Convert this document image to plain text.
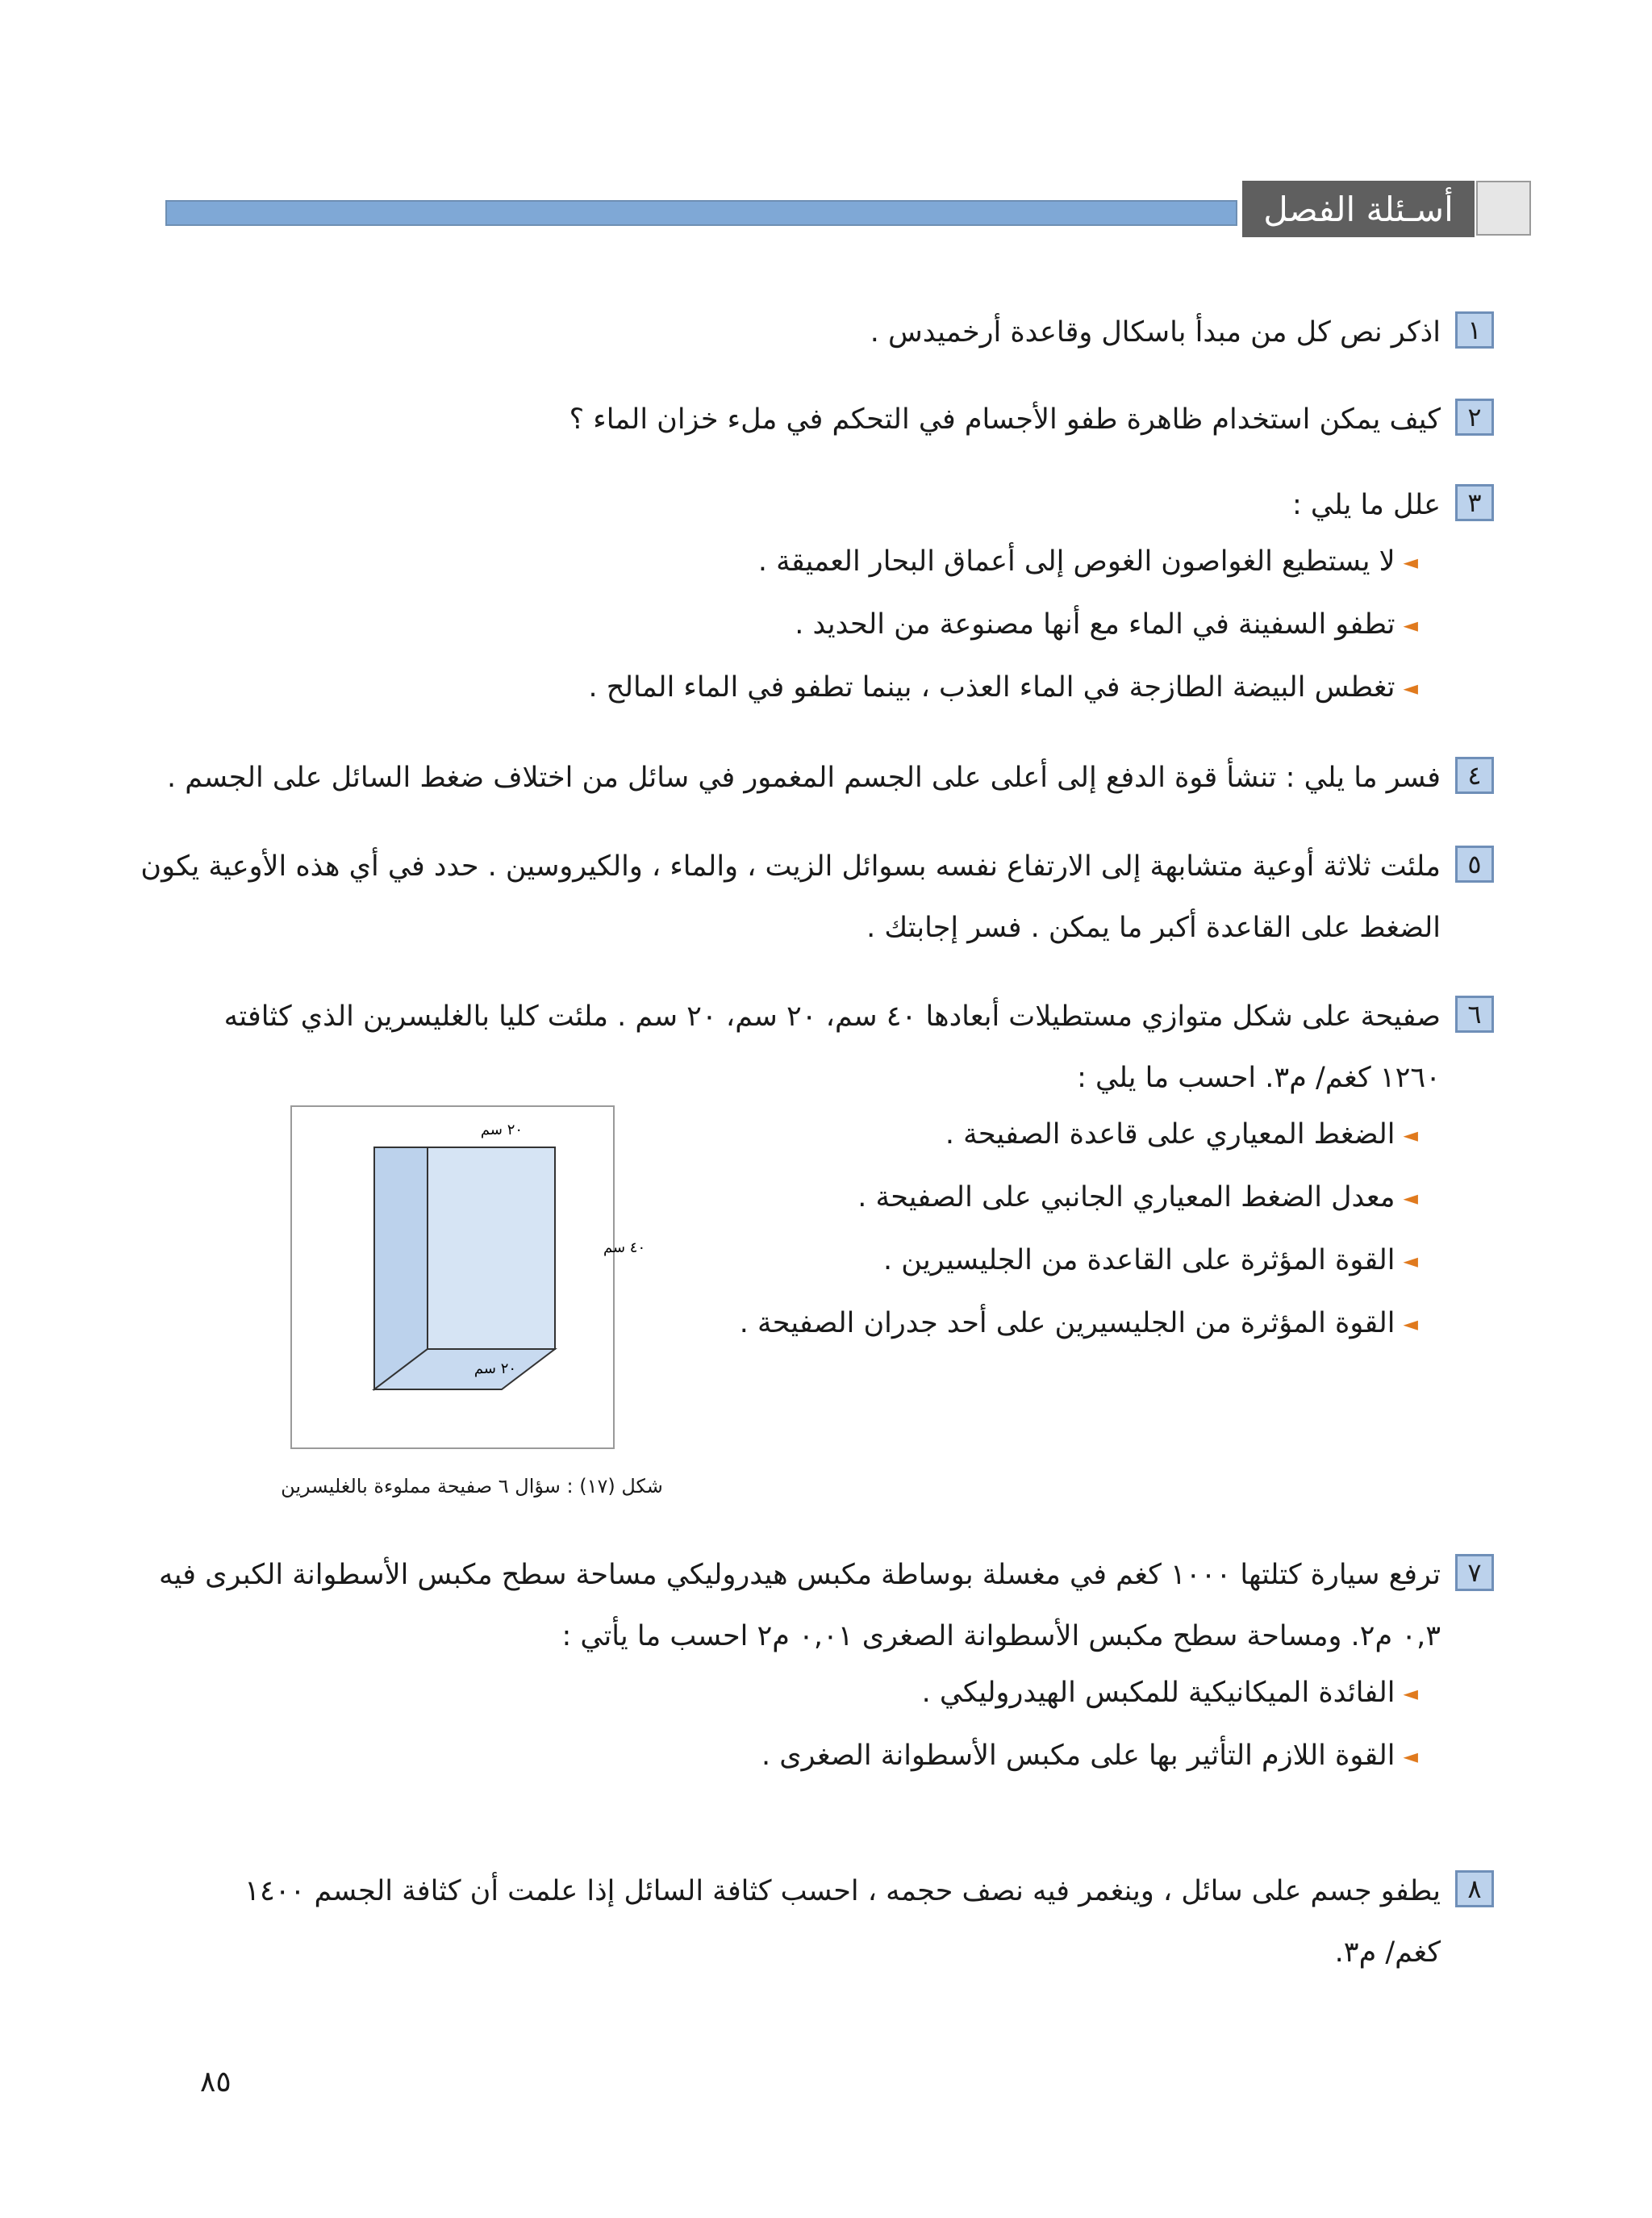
أسـئلة الفصل
١
اذكر نص كل من مبدأ باسكال وقاعدة أرخميدس .
٢
كيف يمكن استخدام ظاهرة طفو الأجسام في التحكم في ملء خزان الماء ؟
٣
علل ما يلي :
◄ لا يستطيع الغواصون الغوص إلى أعماق البحار العميقة .
◄ تطفو السفينة في الماء مع أنها مصنوعة من الحديد .
◄ تغطس البيضة الطازجة في الماء العذب ، بينما تطفو في الماء المالح .
٤
فسر ما يلي : تنشأ قوة الدفع إلى أعلى على الجسم المغمور في سائل من اختلاف ضغط السائل على الجسم .
٥
ملئت ثلاثة أوعية متشابهة إلى الارتفاع نفسه بسوائل الزيت ، والماء ، والكيروسين . حدد في أي هذه الأوعية يكون
الضغط على القاعدة أكبر ما يمكن . فسر إجابتك .
٦
صفيحة على شكل متوازي مستطيلات أبعادها ٤٠ سم، ٢٠ سم، ٢٠ سم . ملئت كليا بالغليسرين الذي كثافته
١٢٦٠ كغم/ م٣. احسب ما يلي :
◄ الضغط المعياري على قاعدة الصفيحة .
◄ معدل الضغط المعياري الجانبي على الصفيحة .
◄ القوة المؤثرة على القاعدة من الجليسيرين .
◄ القوة المؤثرة من الجليسيرين على أحد جدران الصفيحة .
٢٠ سم
٤٠ سم
٢٠ سم
شكل (١٧) : سؤال ٦ صفيحة مملوءة بالغليسرين
٧
ترفع سيارة كتلتها ١٠٠٠ كغم في مغسلة بوساطة مكبس هيدروليكي مساحة سطح مكبس الأسطوانة الكبرى فيه
٠,٣ م٢. ومساحة سطح مكبس الأسطوانة الصغرى ٠,٠١ م٢ احسب ما يأتي :
◄ الفائدة الميكانيكية للمكبس الهيدروليكي .
◄ القوة اللازم التأثير بها على مكبس الأسطوانة الصغرى .
٨
يطفو جسم على سائل ، وينغمر فيه نصف حجمه ، احسب كثافة السائل إذا علمت أن كثافة الجسم ١٤٠٠
كغم/ م٣.
٨٥
